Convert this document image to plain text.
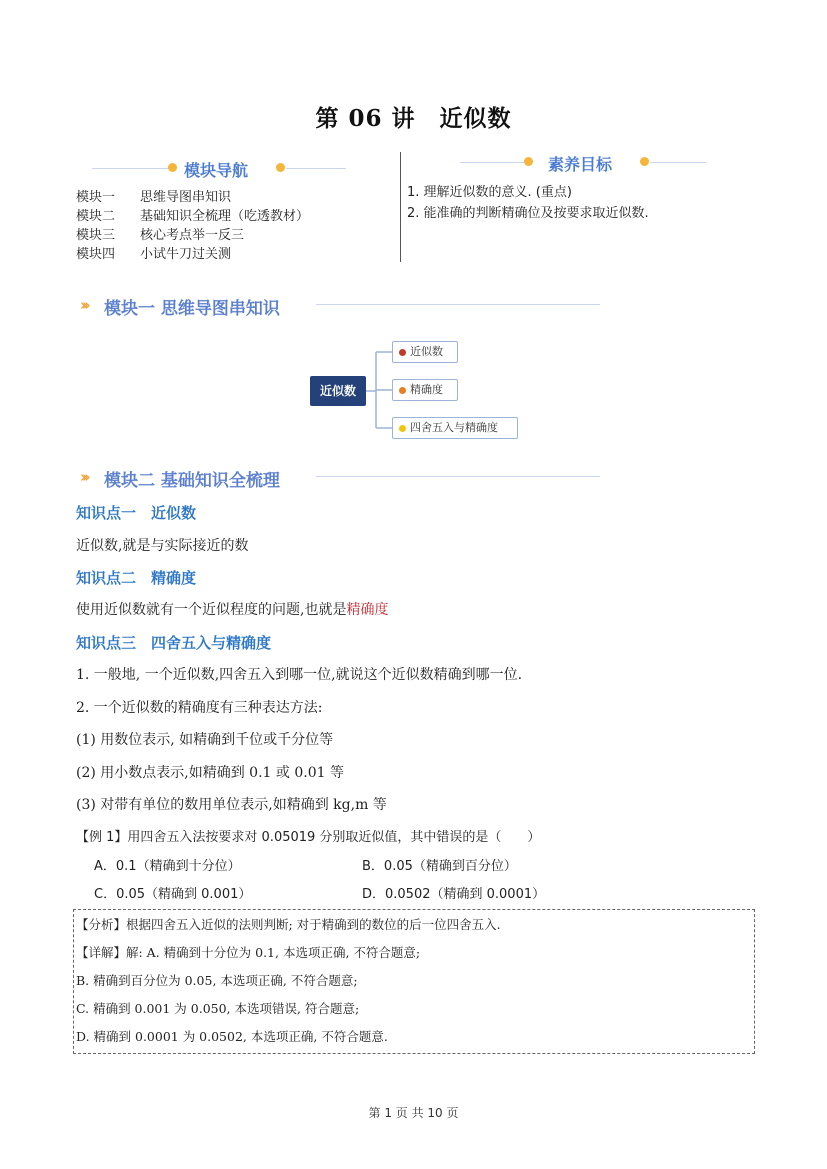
第 06 讲　近似数
模块导航
模块一 思维导图串知识
模块二 基础知识全梳理（吃透教材）
模块三 核心考点举一反三
模块四 小试牛刀过关测
素养目标
1. 理解近似数的意义. (重点)
2. 能准确的判断精确位及按要求取近似数.
››› 模块一 思维导图串知识
近似数
近似数
精确度
四舍五入与精确度
››› 模块二 基础知识全梳理
知识点一　近似数
近似数,就是与实际接近的数
知识点二　精确度
使用近似数就有一个近似程度的问题,也就是精确度
知识点三　四舍五入与精确度
1. 一般地, 一个近似数,四舍五入到哪一位,就说这个近似数精确到哪一位.
2. 一个近似数的精确度有三种表达方法:
(1) 用数位表示, 如精确到千位或千分位等
(2) 用小数点表示,如精确到 0.1 或 0.01 等
(3) 对带有单位的数用单位表示,如精确到 kg,m 等
【例 1】用四舍五入法按要求对 0.05019 分别取近似值，其中错误的是（　　）
A．0.1（精确到十分位）	B．0.05（精确到百分位）
C．0.05（精确到 0.001）	D．0.0502（精确到 0.0001）
【分析】根据四舍五入近似的法则判断; 对于精确到的数位的后一位四舍五入.
【详解】解: A. 精确到十分位为 0.1, 本选项正确, 不符合题意;
B. 精确到百分位为 0.05, 本选项正确, 不符合题意;
C. 精确到 0.001 为 0.050, 本选项错误, 符合题意;
D. 精确到 0.0001 为 0.0502, 本选项正确, 不符合题意.
第 1 页 共 10 页
